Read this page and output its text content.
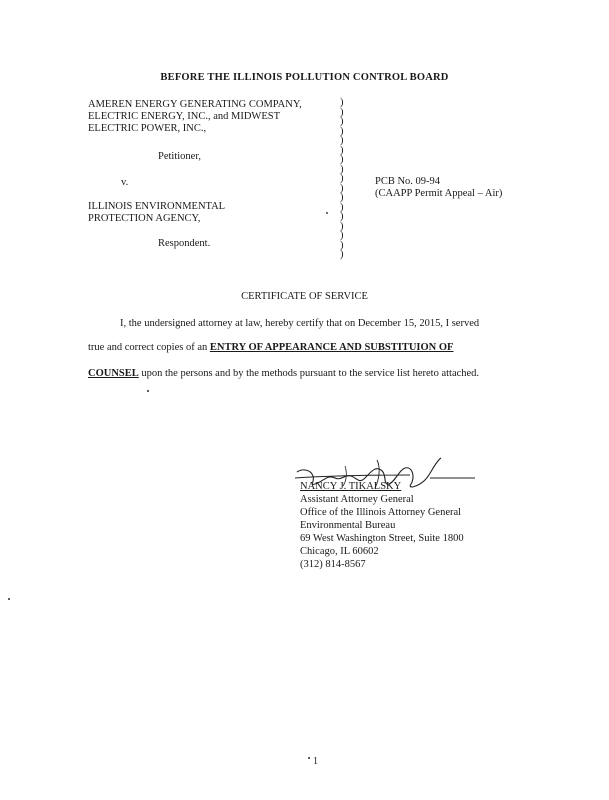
BEFORE THE ILLINOIS POLLUTION CONTROL BOARD
AMEREN ENERGY GENERATING COMPANY,
ELECTRIC ENERGY, INC., and MIDWEST
ELECTRIC POWER, INC.,
Petitioner,
v.
ILLINOIS ENVIRONMENTAL
PROTECTION AGENCY,
Respondent.
)
)
)
)
)
)
)
)
)
)
)
)
)
)
)
)
)
PCB No. 09-94
(CAAPP Permit Appeal – Air)
CERTIFICATE OF SERVICE
I, the undersigned attorney at law, hereby certify that on December 15, 2015, I served
true and correct copies of an ENTRY OF APPEARANCE AND SUBSTITUION OF
COUNSEL upon the persons and by the methods pursuant to the service list hereto attached.
NANCY J. TIKALSKY
Assistant Attorney General
Office of the Illinois Attorney General
Environmental Bureau
69 West Washington Street, Suite 1800
Chicago, IL 60602
(312) 814-8567
1
